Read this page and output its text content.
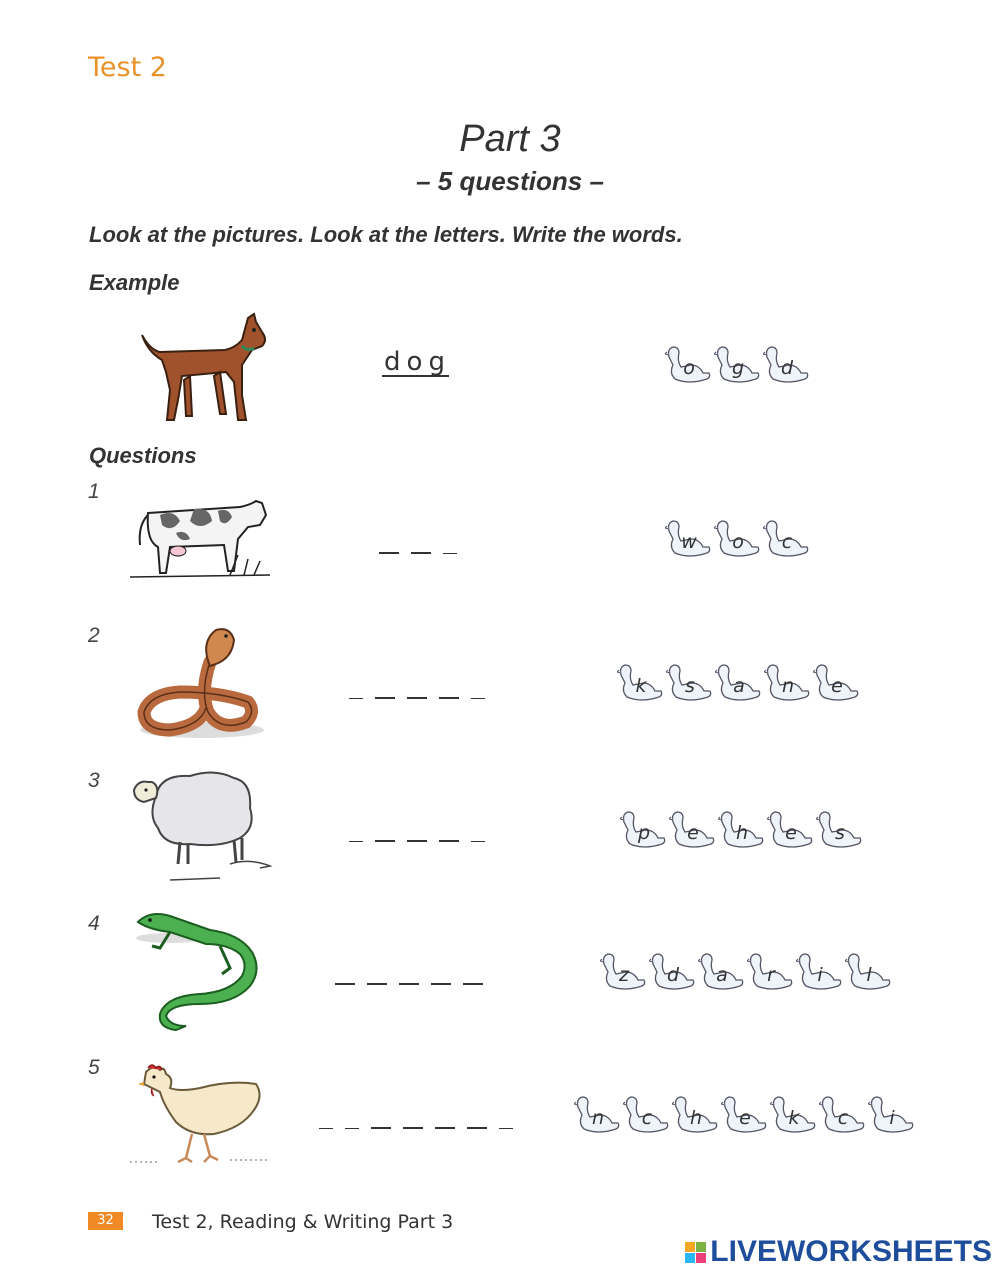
Test 2
Part 3
– 5 questions –
Look at the pictures. Look at the letters. Write the words.
Example
d o g	o	g	d
Questions
1
w	o	c
2
k	s	a	n	e
3
p	e	h	e	s
4
z	d	a	r	i	l
5
n	c	h	e	k	c	i
32	Test 2, Reading & Writing Part 3
LIVEWORKSHEETS
